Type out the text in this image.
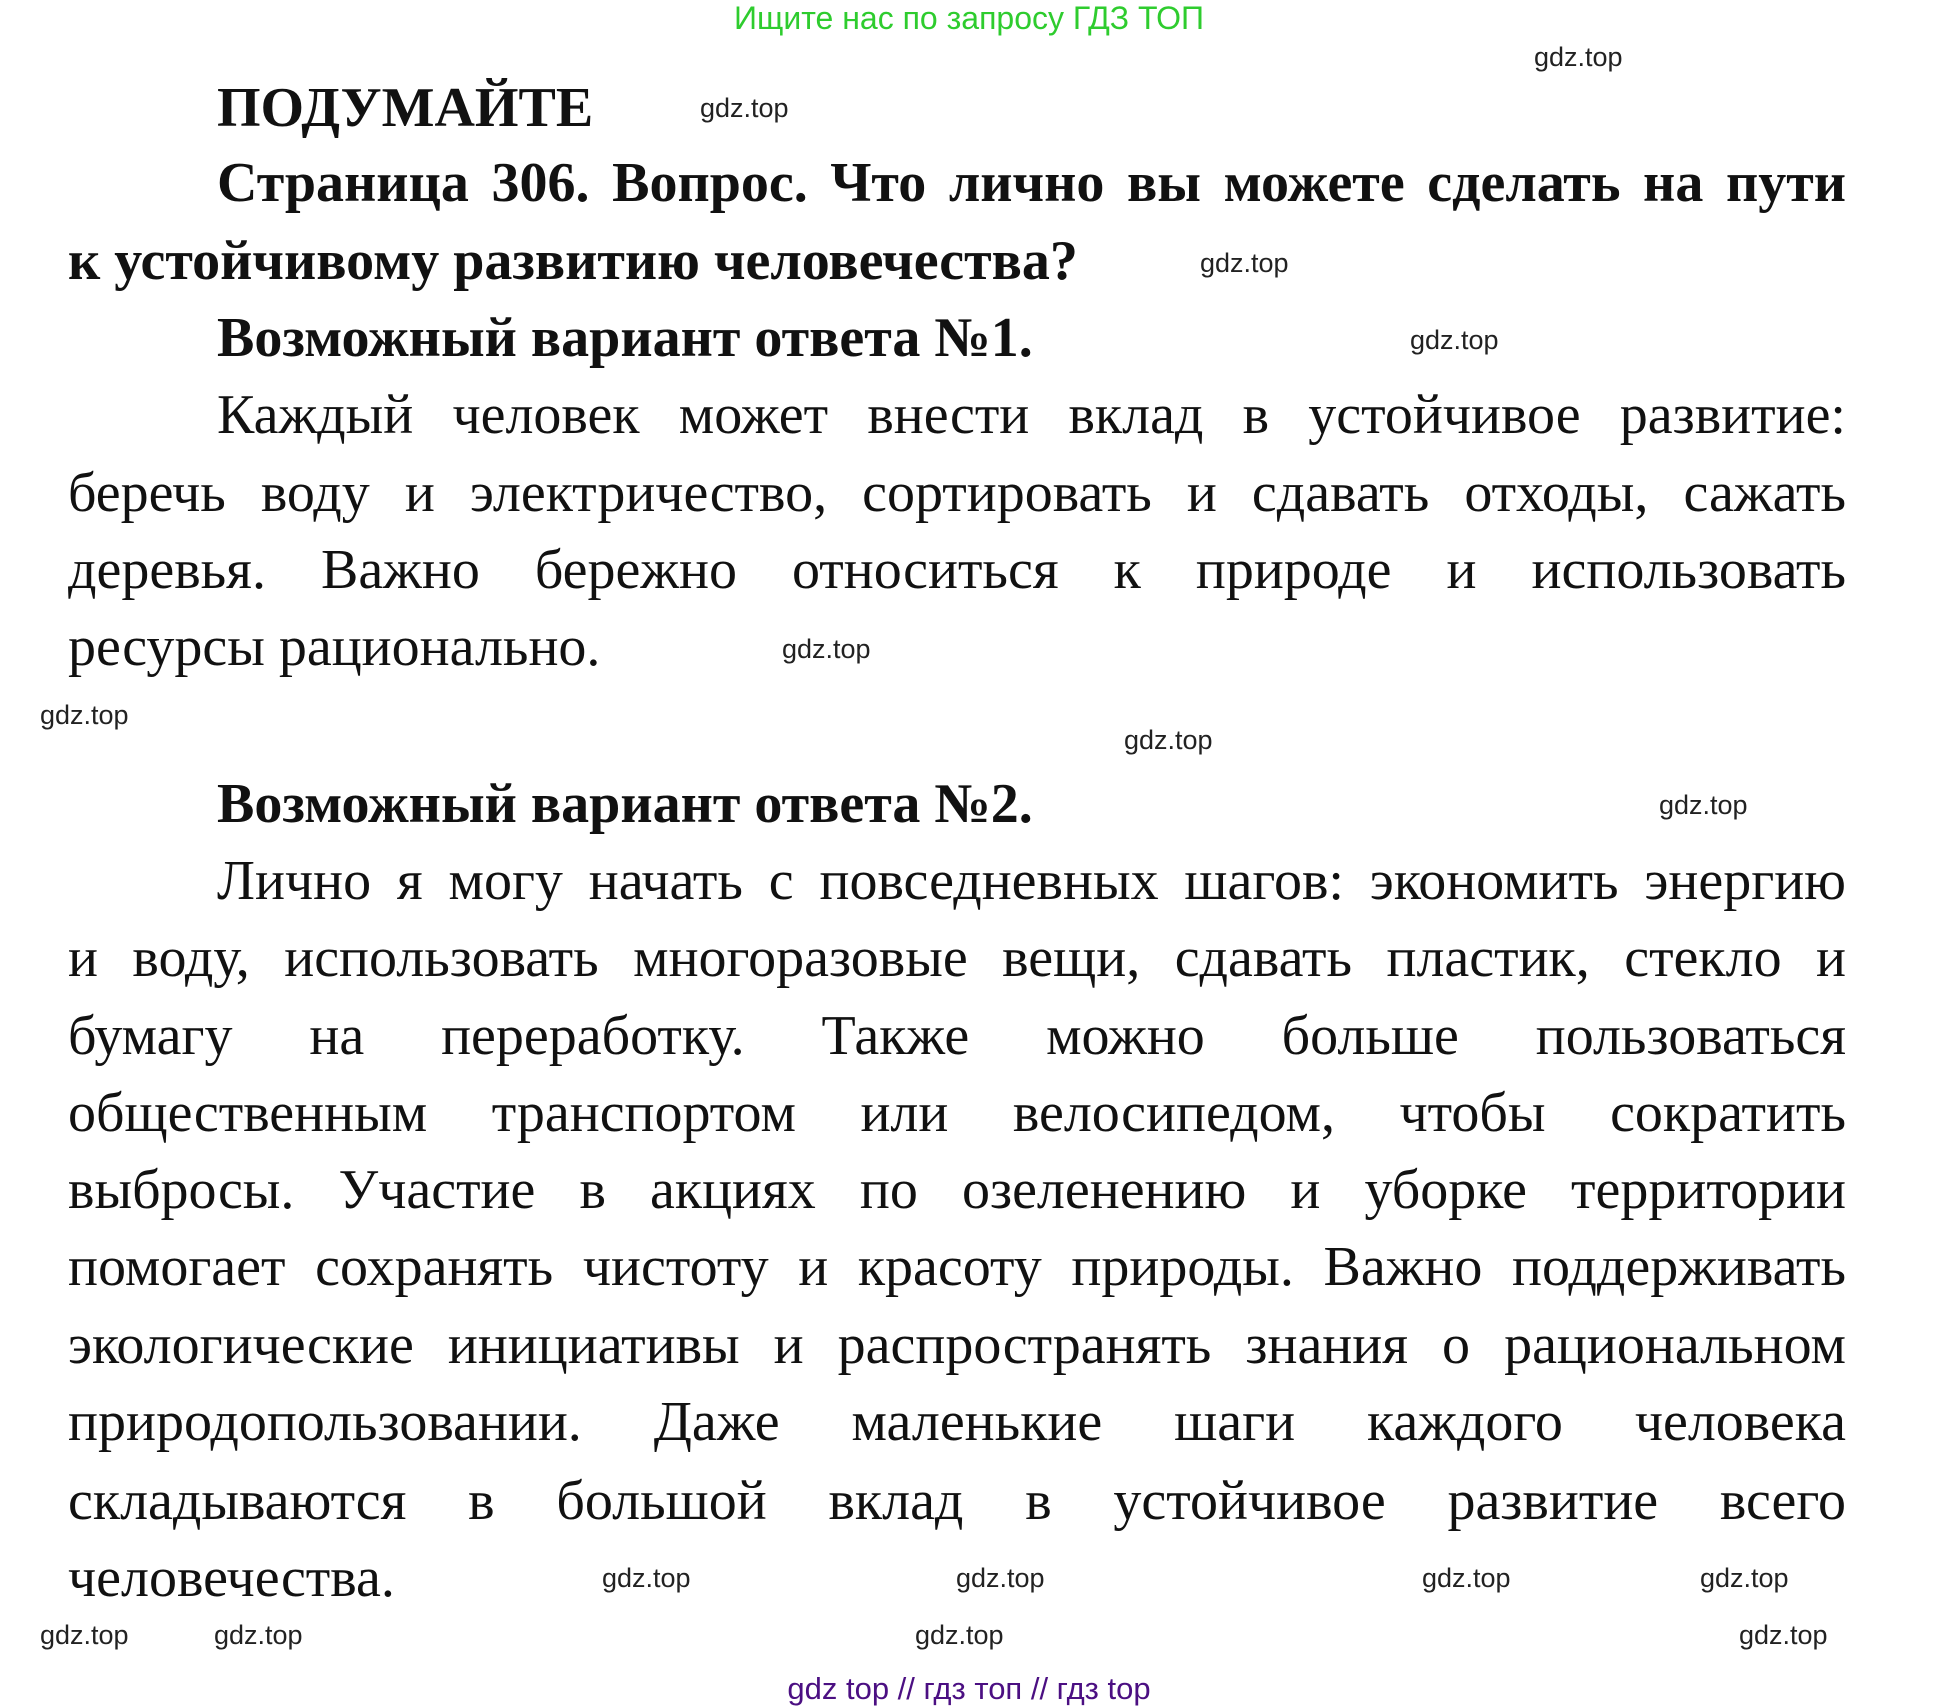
Ищите нас по запросу ГДЗ ТОП
ПОДУМАЙТЕ
Страница 306. Вопрос. Что лично вы можете сделать на пути
к устойчивому развитию человечества?
Возможный вариант ответа №1.
Каждый человек может внести вклад в устойчивое развитие:
беречь воду и электричество, сортировать и сдавать отходы, сажать
деревья. Важно бережно относиться к природе и использовать
ресурсы рационально.
Возможный вариант ответа №2.
Лично я могу начать с повседневных шагов: экономить энергию
и воду, использовать многоразовые вещи, сдавать пластик, стекло и
бумагу на переработку. Также можно больше пользоваться
общественным транспортом или велосипедом, чтобы сократить
выбросы. Участие в акциях по озеленению и уборке территории
помогает сохранять чистоту и красоту природы. Важно поддерживать
экологические инициативы и распространять знания о рациональном
природопользовании. Даже маленькие шаги каждого человека
складываются в большой вклад в устойчивое развитие всего
человечества.
gdz.top
gdz.top
gdz.top
gdz.top
gdz.top
gdz.top
gdz.top
gdz.top
gdz.top
gdz.top
gdz.top
gdz.top
gdz.top
gdz.top
gdz.top
gdz.top
gdz top // гдз топ // гдз top
